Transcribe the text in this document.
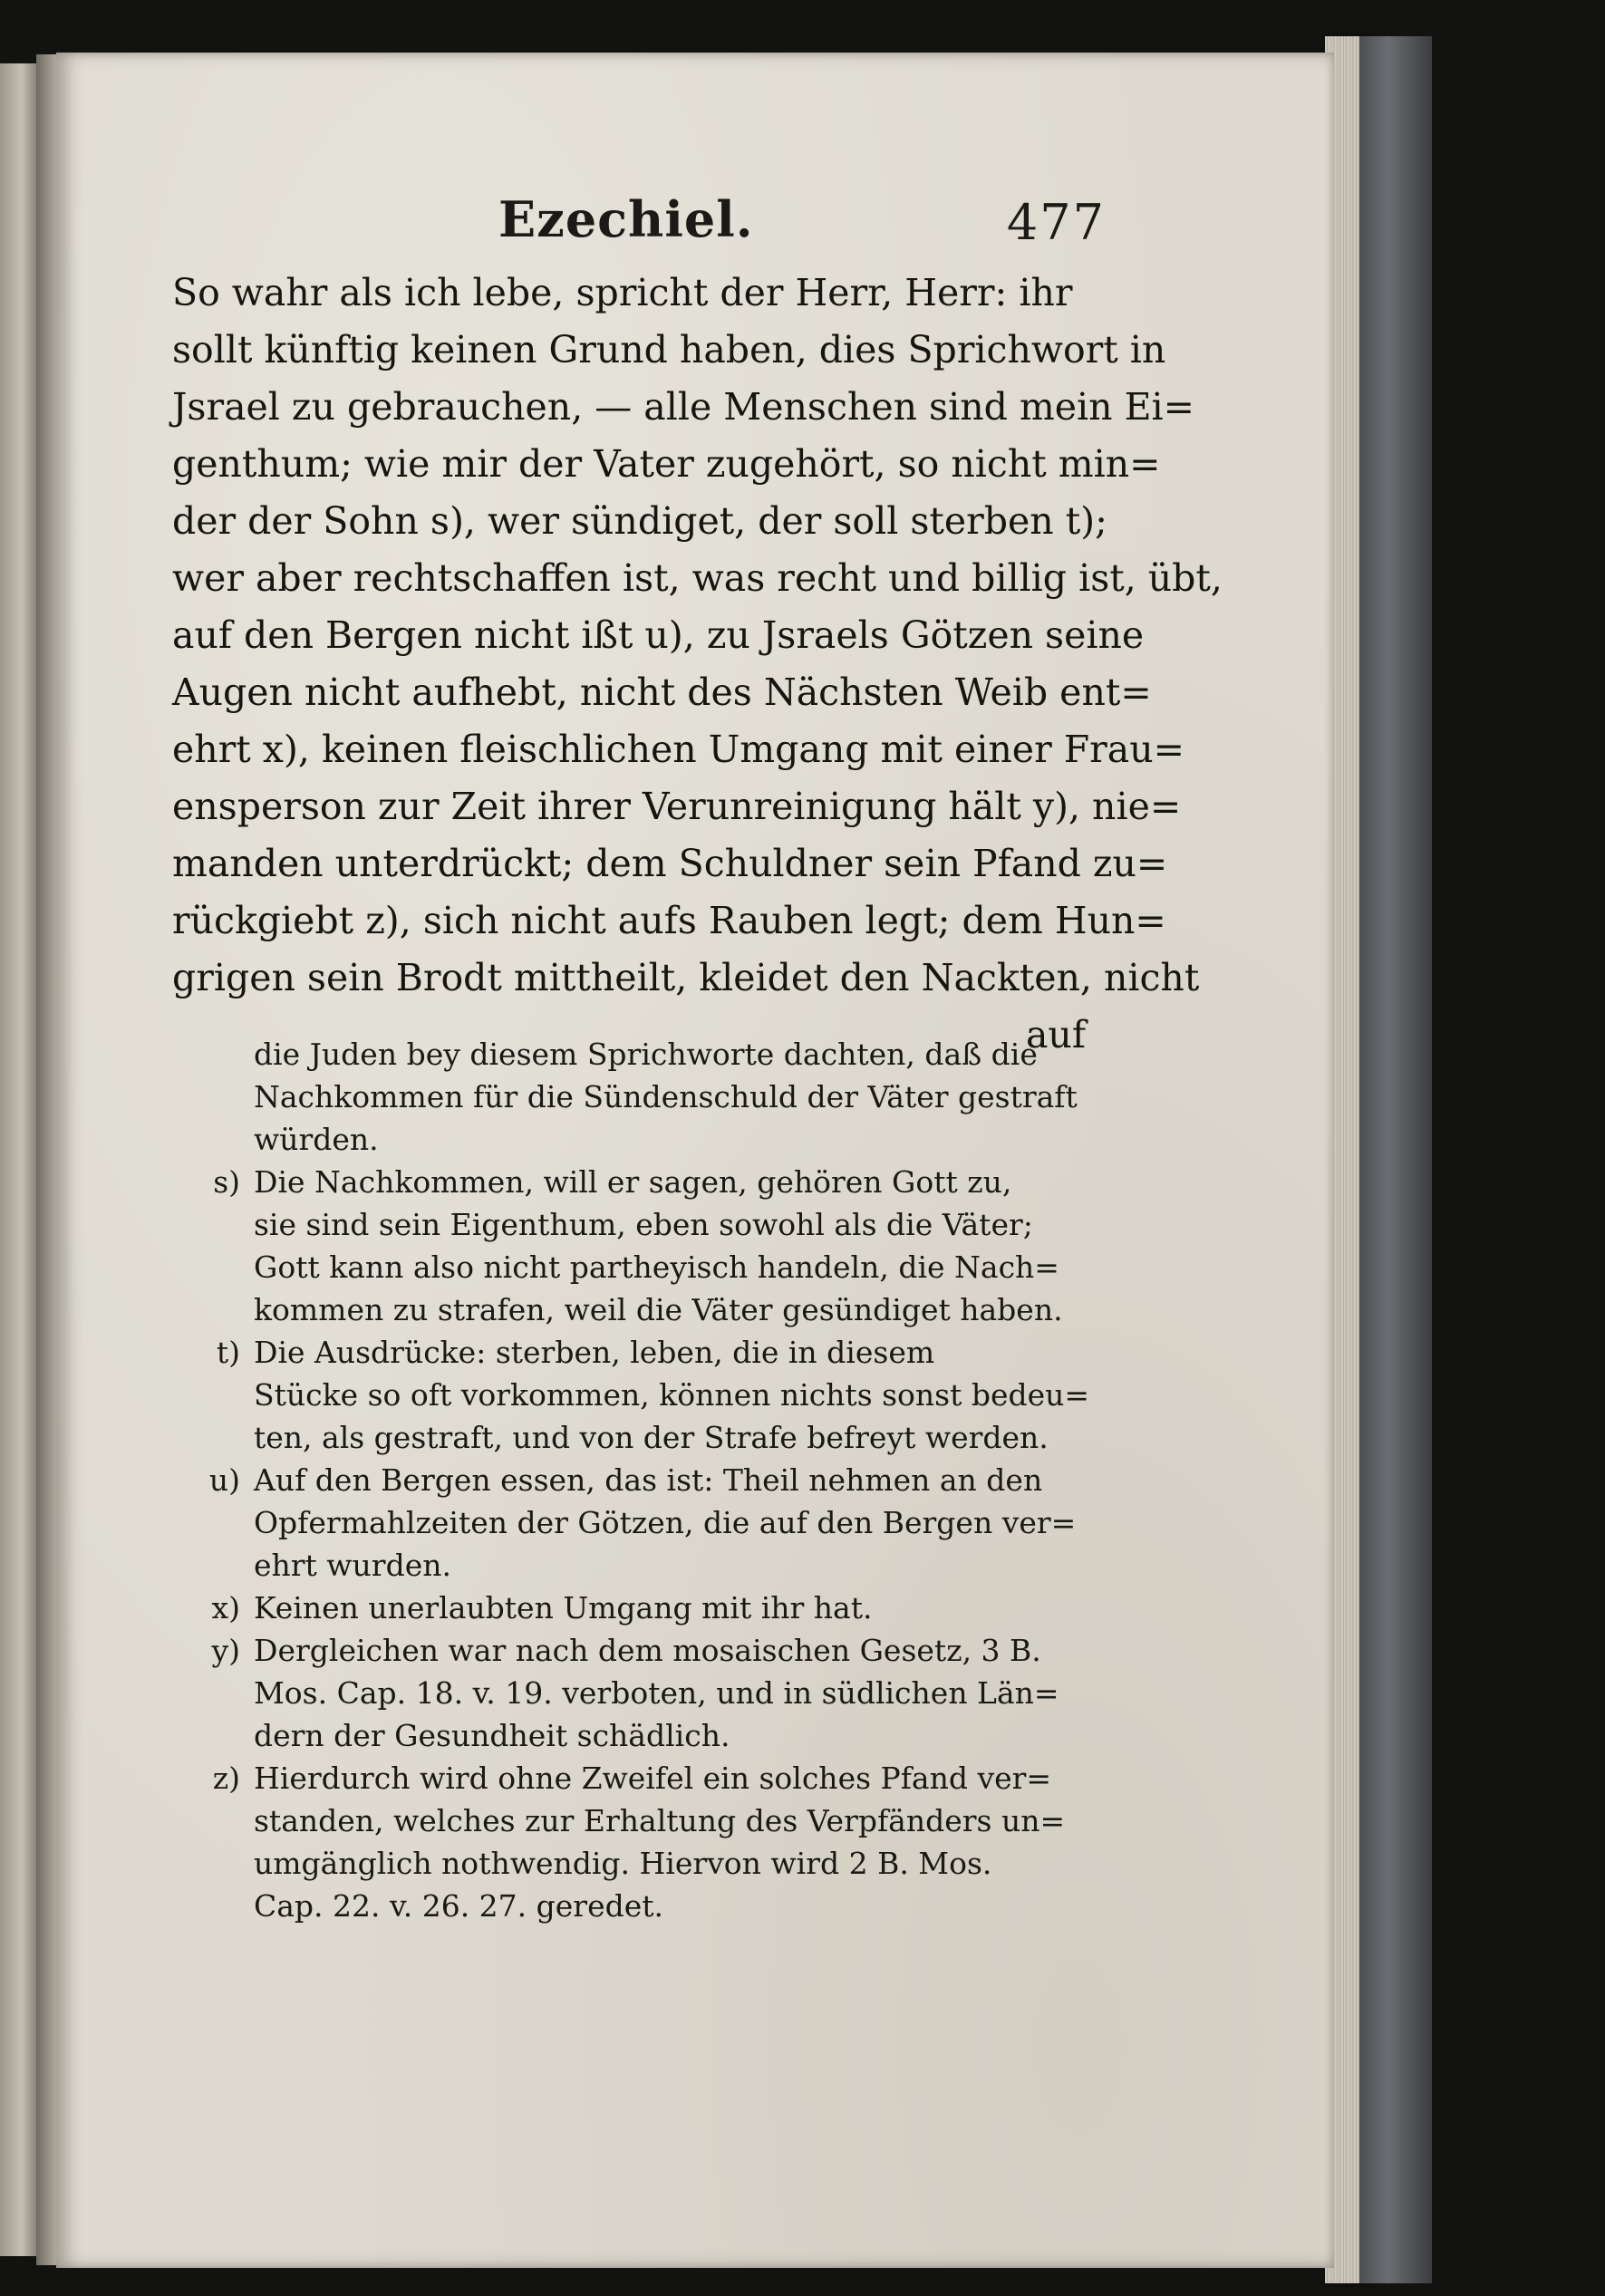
Ezechiel.	477
So wahr als ich lebe, spricht der Herr, Herr: ihr
sollt künftig keinen Grund haben, dies Sprichwort in
Jsrael zu gebrauchen, — alle Menschen sind mein Ei=
genthum; wie mir der Vater zugehört, so nicht min=
der der Sohn s), wer sündiget, der soll sterben t);
wer aber rechtschaffen ist, was recht und billig ist, übt,
auf den Bergen nicht ißt u), zu Jsraels Götzen seine
Augen nicht aufhebt, nicht des Nächsten Weib ent=
ehrt x), keinen fleischlichen Umgang mit einer Frau=
ensperson zur Zeit ihrer Verunreinigung hält y), nie=
manden unterdrückt; dem Schuldner sein Pfand zu=
rückgiebt z), sich nicht aufs Rauben legt; dem Hun=
grigen sein Brodt mittheilt, kleidet den Nackten, nicht
auf
die Juden bey diesem Sprichworte dachten, daß die
Nachkommen für die Sündenschuld der Väter gestraft
würden.
s) Die Nachkommen, will er sagen, gehören Gott zu,
sie sind sein Eigenthum, eben sowohl als die Väter;
Gott kann also nicht partheyisch handeln, die Nach=
kommen zu strafen, weil die Väter gesündiget haben.
t) Die Ausdrücke: sterben, leben, die in diesem
Stücke so oft vorkommen, können nichts sonst bedeu=
ten, als gestraft, und von der Strafe befreyt werden.
u) Auf den Bergen essen, das ist: Theil nehmen an den
Opfermahlzeiten der Götzen, die auf den Bergen ver=
ehrt wurden.
x) Keinen unerlaubten Umgang mit ihr hat.
y) Dergleichen war nach dem mosaischen Gesetz, 3 B.
Mos. Cap. 18. v. 19. verboten, und in südlichen Län=
dern der Gesundheit schädlich.
z) Hierdurch wird ohne Zweifel ein solches Pfand ver=
standen, welches zur Erhaltung des Verpfänders un=
umgänglich nothwendig. Hiervon wird 2 B. Mos.
Cap. 22. v. 26. 27. geredet.
